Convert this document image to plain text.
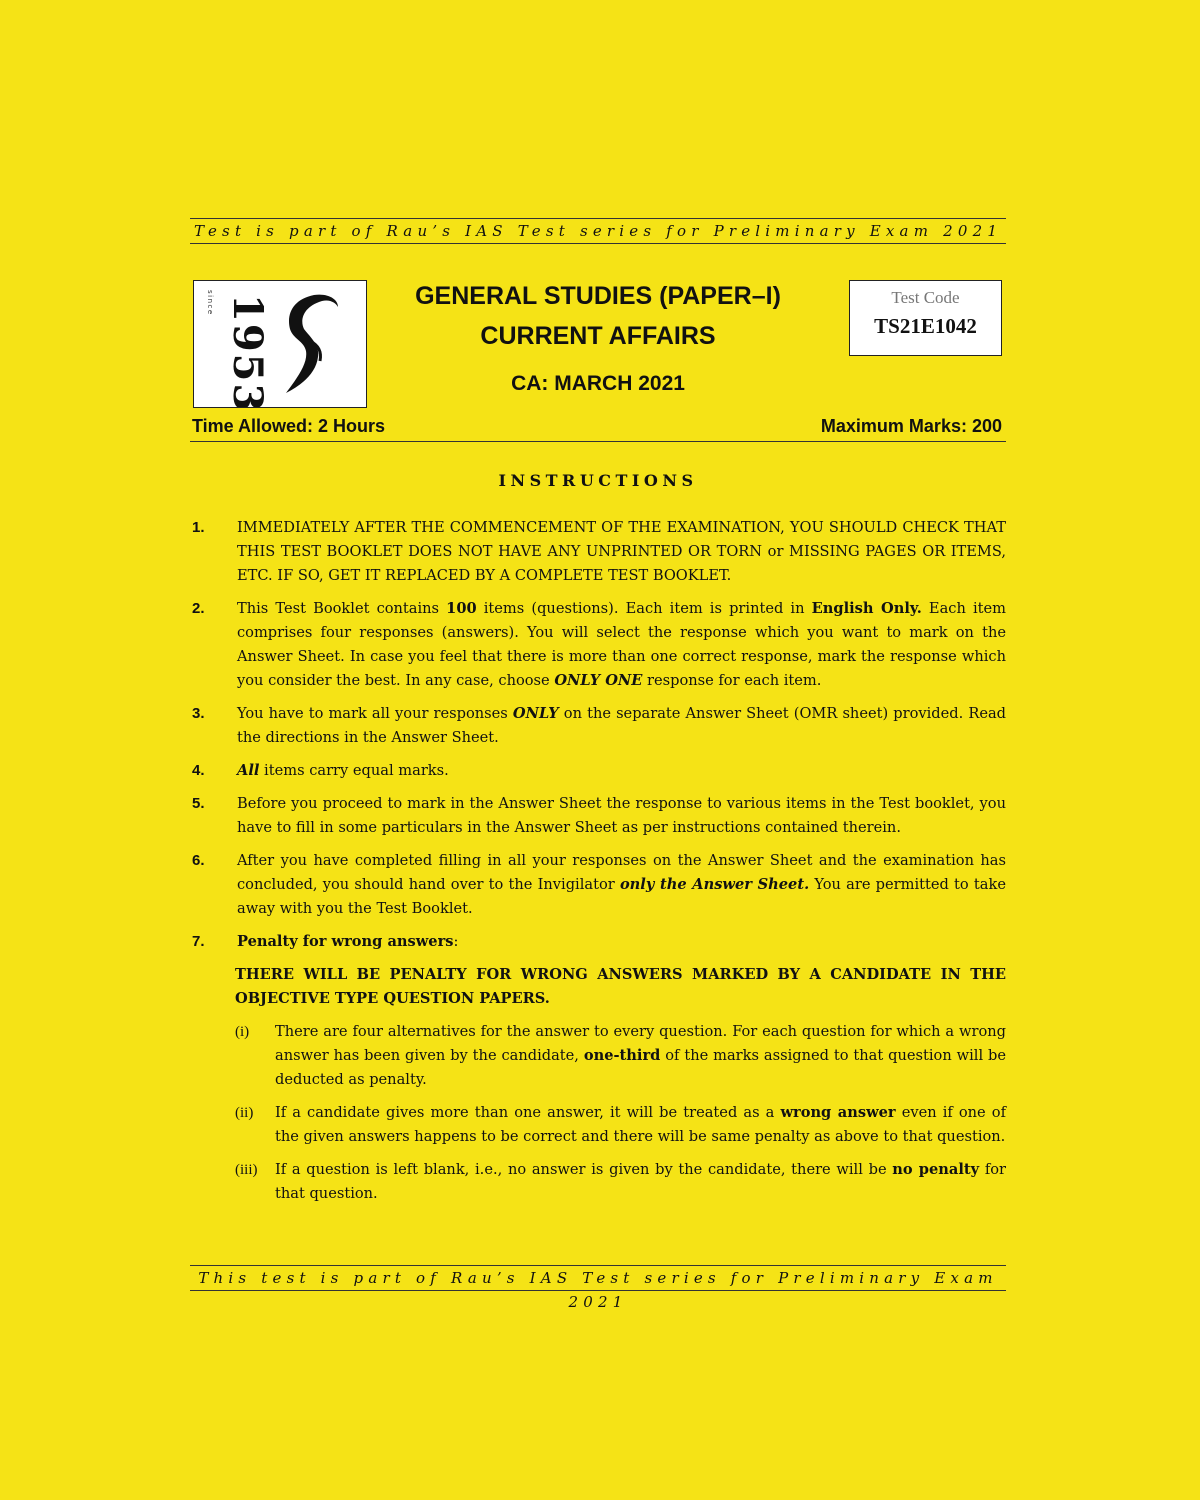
Test is part of Rau’s IAS Test series for Preliminary Exam 2021
1953
since	GENERAL STUDIES (PAPER–I)
CURRENT AFFAIRS
CA: MARCH 2021
Test Code
TS21E1042
Time Allowed: 2 Hours	Maximum Marks: 200
INSTRUCTIONS
1.	IMMEDIATELY AFTER THE COMMENCEMENT OF THE EXAMINATION, YOU SHOULD CHECK THAT THIS TEST BOOKLET DOES NOT HAVE ANY UNPRINTED OR TORN or MISSING PAGES OR ITEMS, ETC. IF SO, GET IT REPLACED BY A COMPLETE TEST BOOKLET.
2.	This Test Booklet contains 100 items (questions). Each item is printed in English Only. Each item comprises four responses (answers). You will select the response which you want to mark on the Answer Sheet. In case you feel that there is more than one correct response, mark the response which you consider the best. In any case, choose ONLY ONE response for each item.
3.	You have to mark all your responses ONLY on the separate Answer Sheet (OMR sheet) provided. Read the directions in the Answer Sheet.
4.	All items carry equal marks.
5.	Before you proceed to mark in the Answer Sheet the response to various items in the Test booklet, you have to fill in some particulars in the Answer Sheet as per instructions contained therein.
6.	After you have completed filling in all your responses on the Answer Sheet and the examination has concluded, you should hand over to the Invigilator only the Answer Sheet. You are permitted to take away with you the Test Booklet.
7.	Penalty for wrong answers:
THERE WILL BE PENALTY FOR WRONG ANSWERS MARKED BY A CANDIDATE IN THE OBJECTIVE TYPE QUESTION PAPERS.
(i)	There are four alternatives for the answer to every question. For each question for which a wrong answer has been given by the candidate, one-third of the marks assigned to that question will be deducted as penalty.
(ii)	If a candidate gives more than one answer, it will be treated as a wrong answer even if one of the given answers happens to be correct and there will be same penalty as above to that question.
(iii)	If a question is left blank, i.e., no answer is given by the candidate, there will be no penalty for that question.
This test is part of Rau’s IAS Test series for Preliminary Exam 2021
